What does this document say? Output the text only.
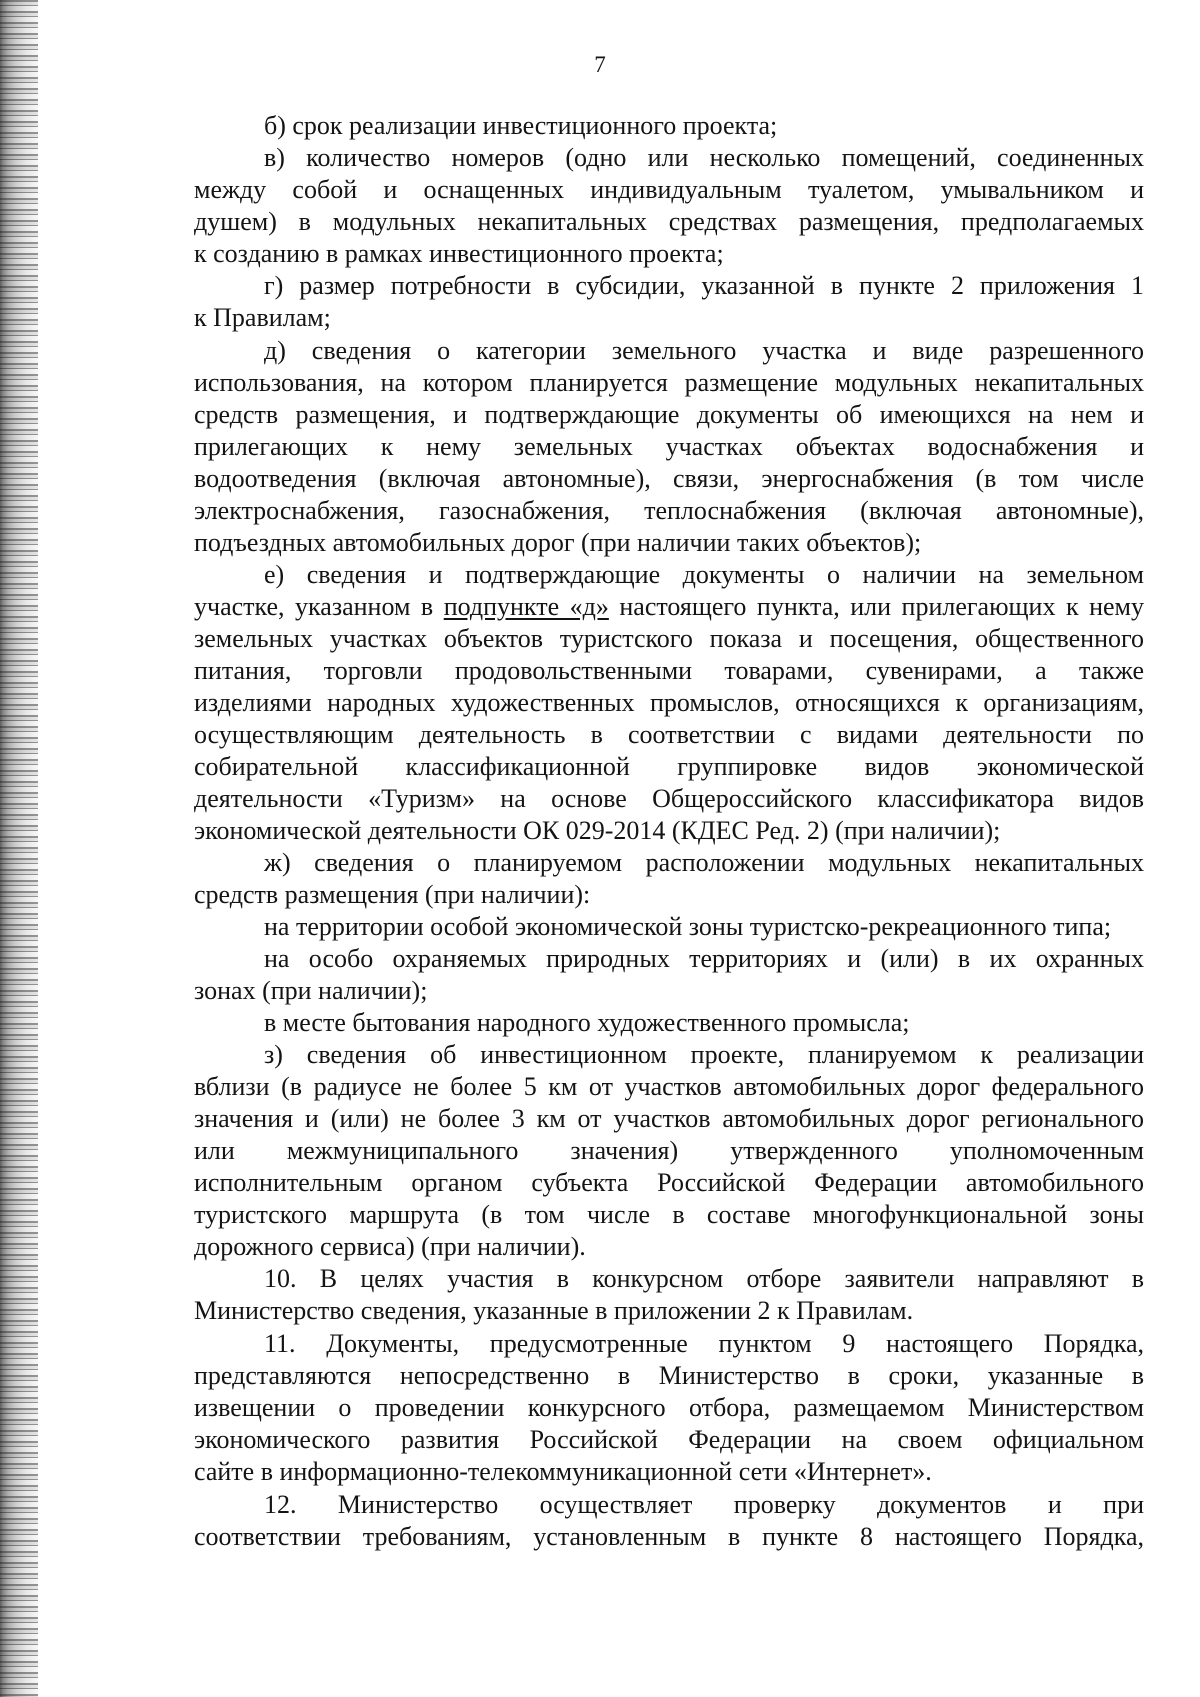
7

б) срок реализации инвестиционного проекта;

в) количество номеров (одно или несколько помещений, соединенных

между собой и оснащенных индивидуальным туалетом, умывальником и

душем) в модульных некапитальных средствах размещения, предполагаемых

к созданию в рамках инвестиционного проекта;

г) размер потребности в субсидии, указанной в пункте 2 приложения 1

к Правилам;

д) сведения о категории земельного участка и виде разрешенного

использования, на котором планируется размещение модульных некапитальных

средств размещения, и подтверждающие документы об имеющихся на нем и

прилегающих к нему земельных участках объектах водоснабжения и

водоотведения (включая автономные), связи, энергоснабжения (в том числе

электроснабжения, газоснабжения, теплоснабжения (включая автономные),

подъездных автомобильных дорог (при наличии таких объектов);

е) сведения и подтверждающие документы о наличии на земельном

участке, указанном в подпункте «д» настоящего пункта, или прилегающих к нему

земельных участках объектов туристского показа и посещения, общественного

питания, торговли продовольственными товарами, сувенирами, а также

изделиями народных художественных промыслов, относящихся к организациям,

осуществляющим деятельность в соответствии с видами деятельности по

собирательной классификационной группировке видов экономической

деятельности «Туризм» на основе Общероссийского классификатора видов

экономической деятельности ОК 029-2014 (КДЕС Ред. 2) (при наличии);

ж) сведения о планируемом расположении модульных некапитальных

средств размещения (при наличии):

на территории особой экономической зоны туристско-рекреационного типа;

на особо охраняемых природных территориях и (или) в их охранных

зонах (при наличии);

в месте бытования народного художественного промысла;

з) сведения об инвестиционном проекте, планируемом к реализации

вблизи (в радиусе не более 5 км от участков автомобильных дорог федерального

значения и (или) не более 3 км от участков автомобильных дорог регионального

или межмуниципального значения) утвержденного уполномоченным

исполнительным органом субъекта Российской Федерации автомобильного

туристского маршрута (в том числе в составе многофункциональной зоны

дорожного сервиса) (при наличии).

10. В целях участия в конкурсном отборе заявители направляют в

Министерство сведения, указанные в приложении 2 к Правилам.

11. Документы, предусмотренные пунктом 9 настоящего Порядка,

представляются непосредственно в Министерство в сроки, указанные в

извещении о проведении конкурсного отбора, размещаемом Министерством

экономического развития Российской Федерации на своем официальном

сайте в информационно-телекоммуникационной сети «Интернет».

12. Министерство осуществляет проверку документов и при

соответствии требованиям, установленным в пункте 8 настоящего Порядка,
